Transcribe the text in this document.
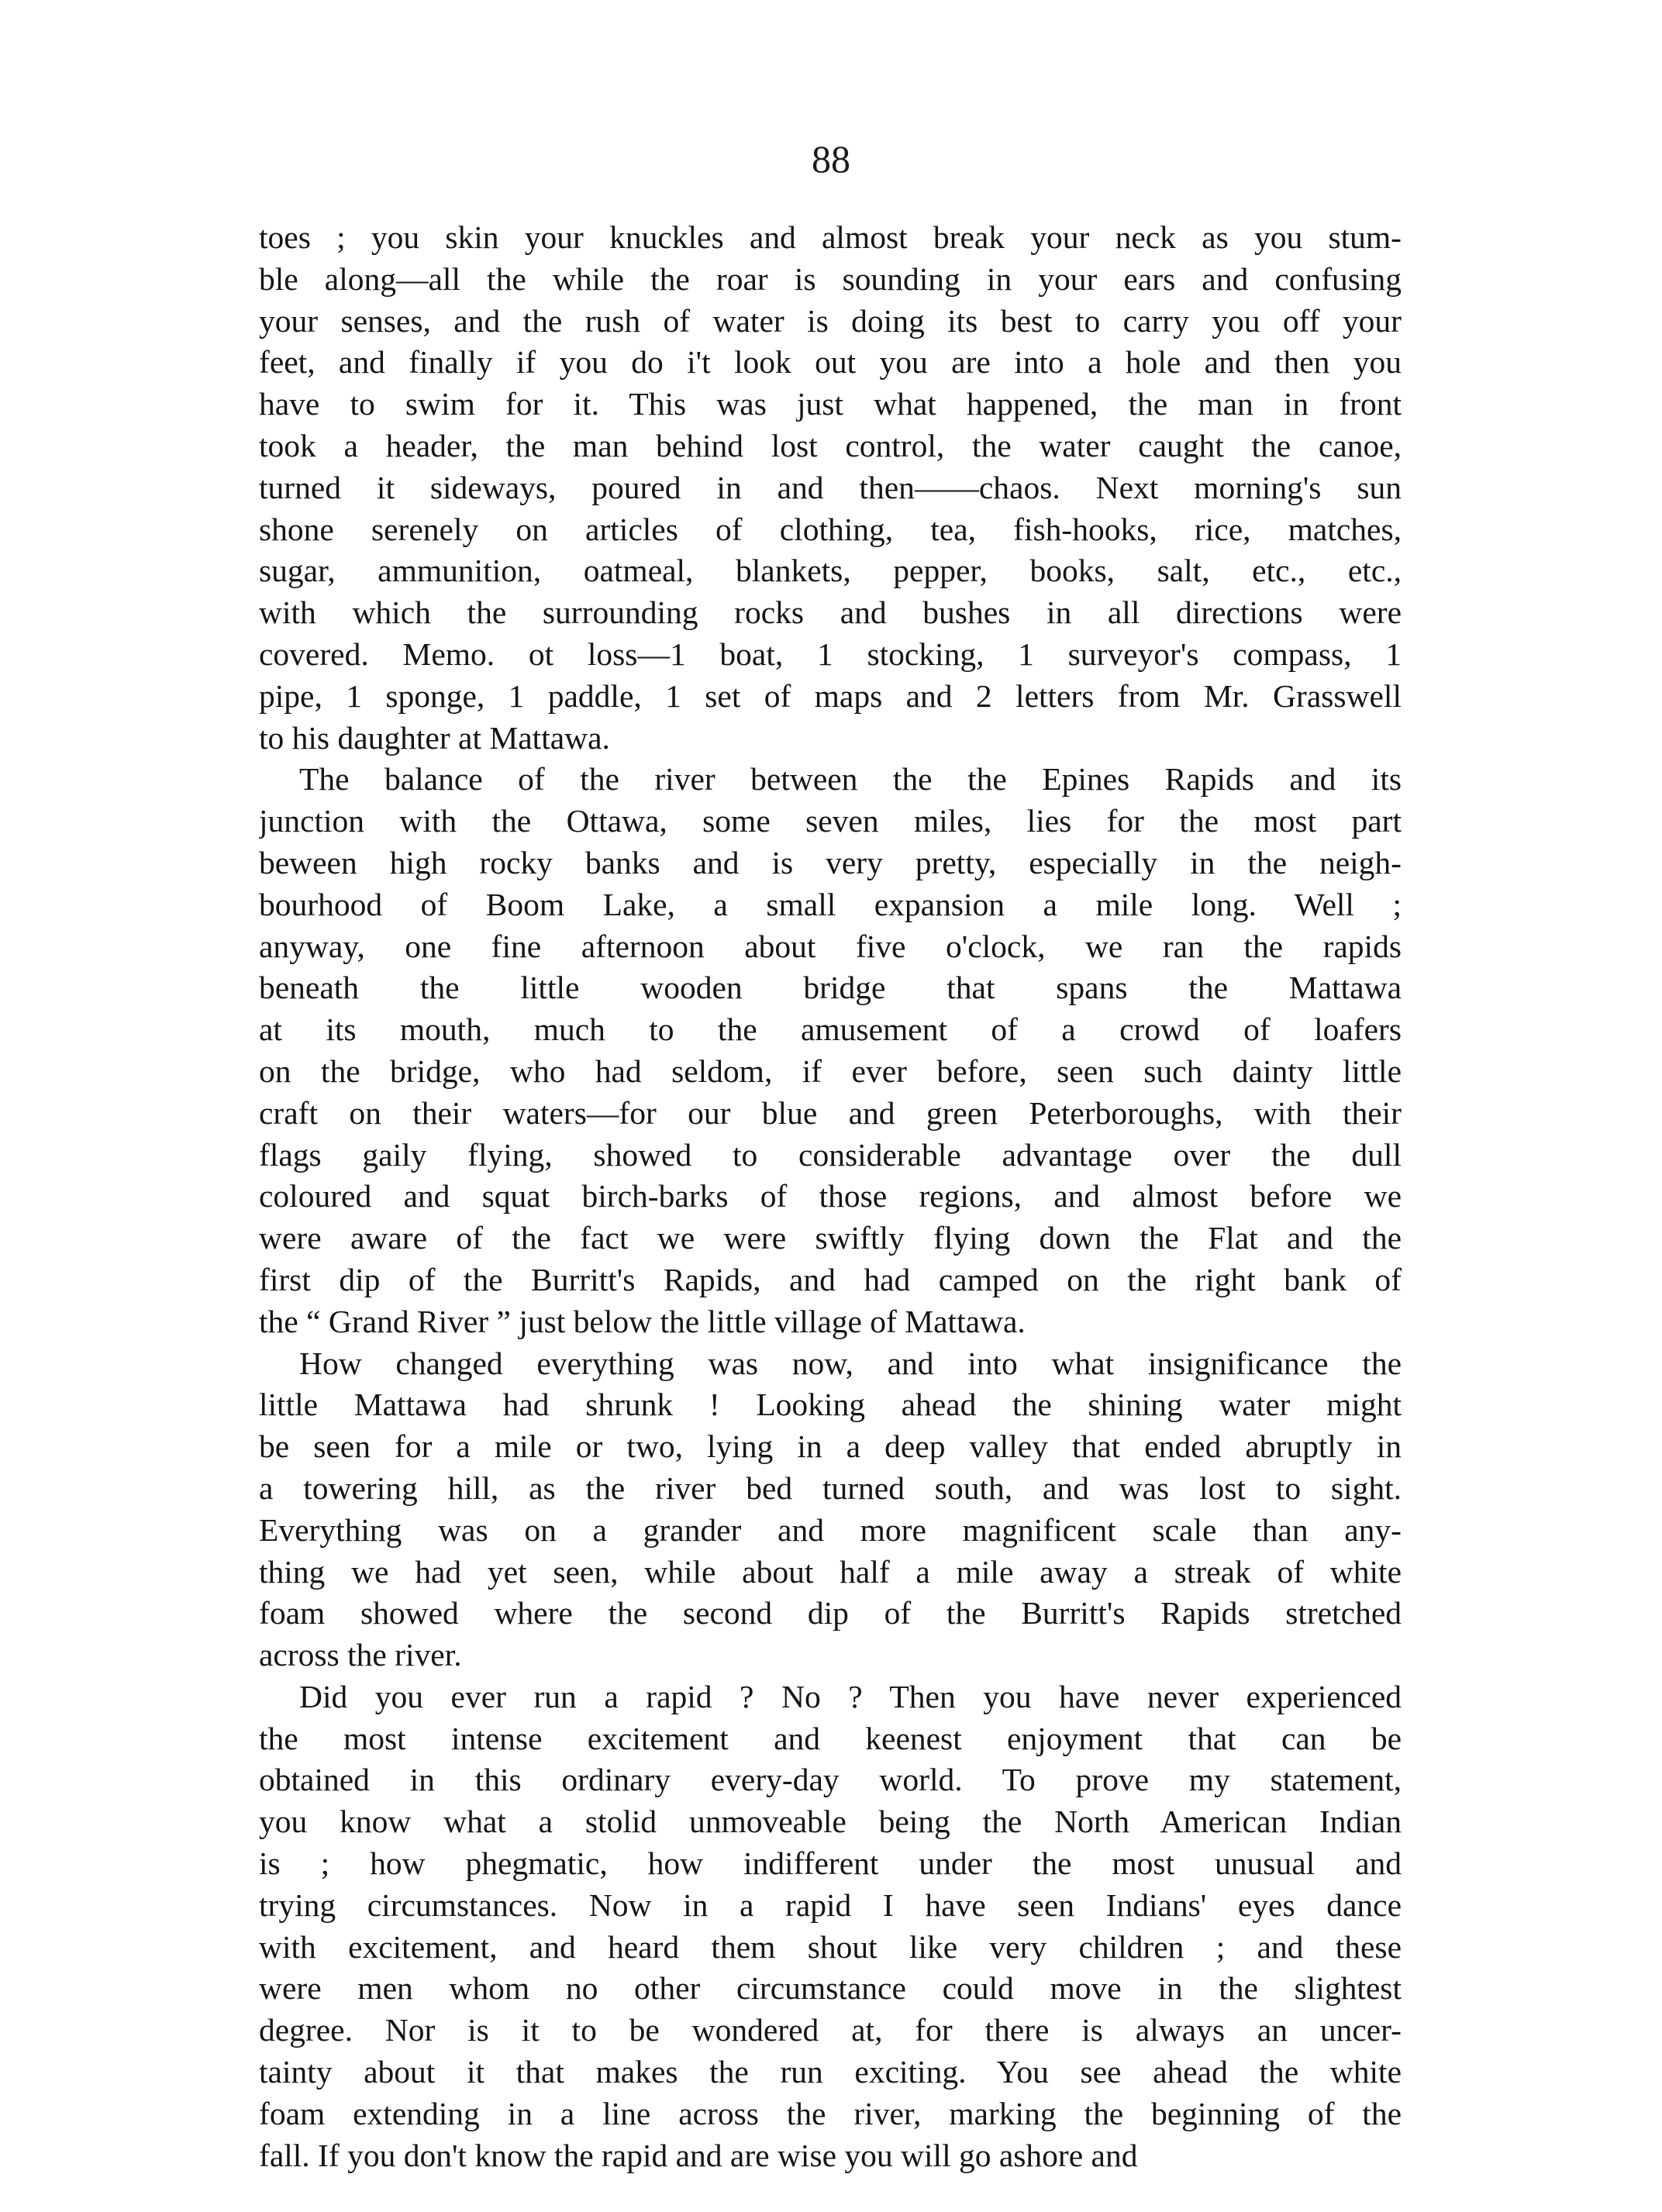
88
toes ; you skin your knuckles and almost break your neck as you stum-
ble along—all the while the roar is sounding in your ears and confusing
your senses, and the rush of water is doing its best to carry you off your
feet, and finally if you do i't look out you are into a hole and then you
have to swim for it. This was just what happened, the man in front
took a header, the man behind lost control, the water caught the canoe,
turned it sideways, poured in and then——chaos. Next morning's sun
shone serenely on articles of clothing, tea, fish-hooks, rice, matches,
sugar, ammunition, oatmeal, blankets, pepper, books, salt, etc., etc.,
with which the surrounding rocks and bushes in all directions were
covered. Memo. ot loss—1 boat, 1 stocking, 1 surveyor's compass, 1
pipe, 1 sponge, 1 paddle, 1 set of maps and 2 letters from Mr. Grasswell
to his daughter at Mattawa.
The balance of the river between the the Epines Rapids and its
junction with the Ottawa, some seven miles, lies for the most part
beween high rocky banks and is very pretty, especially in the neigh-
bourhood of Boom Lake, a small expansion a mile long. Well ;
anyway, one fine afternoon about five o'clock, we ran the rapids
beneath the little wooden bridge that spans the Mattawa
at its mouth, much to the amusement of a crowd of loafers
on the bridge, who had seldom, if ever before, seen such dainty little
craft on their waters—for our blue and green Peterboroughs, with their
flags gaily flying, showed to considerable advantage over the dull
coloured and squat birch-barks of those regions, and almost before we
were aware of the fact we were swiftly flying down the Flat and the
first dip of the Burritt's Rapids, and had camped on the right bank of
the “ Grand River ” just below the little village of Mattawa.
How changed everything was now, and into what insignificance the
little Mattawa had shrunk ! Looking ahead the shining water might
be seen for a mile or two, lying in a deep valley that ended abruptly in
a towering hill, as the river bed turned south, and was lost to sight.
Everything was on a grander and more magnificent scale than any-
thing we had yet seen, while about half a mile away a streak of white
foam showed where the second dip of the Burritt's Rapids stretched
across the river.
Did you ever run a rapid ? No ? Then you have never experienced
the most intense excitement and keenest enjoyment that can be
obtained in this ordinary every-day world. To prove my statement,
you know what a stolid unmoveable being the North American Indian
is ; how phegmatic, how indifferent under the most unusual and
trying circumstances. Now in a rapid I have seen Indians' eyes dance
with excitement, and heard them shout like very children ; and these
were men whom no other circumstance could move in the slightest
degree. Nor is it to be wondered at, for there is always an uncer-
tainty about it that makes the run exciting. You see ahead the white
foam extending in a line across the river, marking the beginning of the
fall. If you don't know the rapid and are wise you will go ashore and
